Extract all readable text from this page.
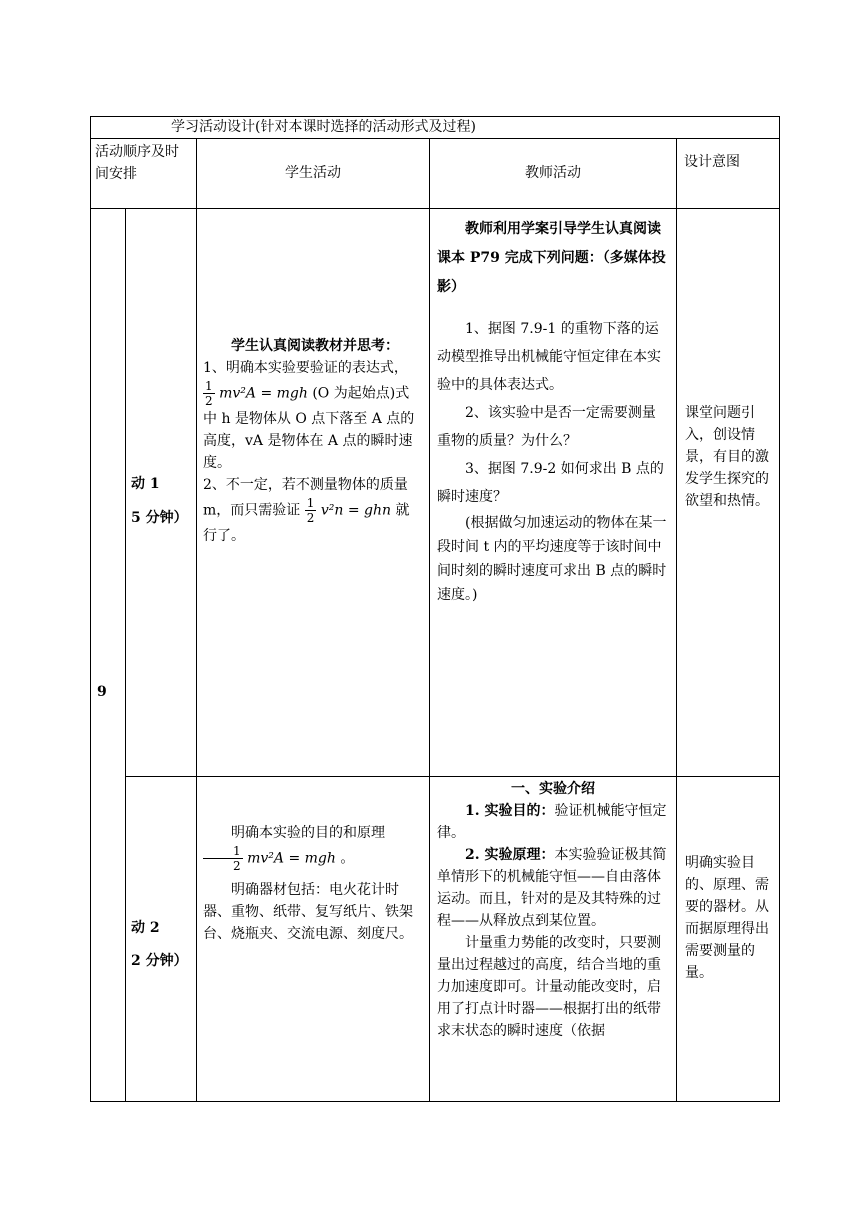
学习活动设计(针对本课时选择的活动形式及过程)
活动顺序及时间安排	学生活动	教师活动
设计意图
9
动 1
5 分钟）

学生认真阅读教材并思考：

1、明确本实验要验证的表达式，
$\frac{1}{2} mv^2A$ = mgh (O 为起始点)式中 h 是物体从 O 点下落至 A 点的高度，vA 是物体在 A 点的瞬时速度。

2、不一定，若不测量物体的质量 m，而只需验证 $\frac{1}{2} v^2n$ = ghn 就行了。

教师利用学案引导学生认真阅读课本 P79 完成下列问题：（多媒体投影）

1、据图 7.9-1 的重物下落的运动模型推导出机械能守恒定律在本实验中的具体表达式。

2、该实验中是否一定需要测量重物的质量？为什么？

3、据图 7.9-2 如何求出 B 点的瞬时速度？

(根据做匀加速运动的物体在某一段时间 t 内的平均速度等于该时间中间时刻的瞬时速度可求出 B 点的瞬时速度。)

课堂问题引入，创设情景，有目的激发学生探究的欲望和热情。
动 2
2 分钟）

明确本实验的目的和原理
$\frac{1}{2} mv^2A$ = mgh 。

明确器材包括：电火花计时器、重物、纸带、复写纸片、铁架台、烧瓶夹、交流电源、刻度尺。

一、实验介绍

1. 实验目的：验证机械能守恒定律。

2. 实验原理：本实验验证极其简单情形下的机械能守恒——自由落体运动。而且，针对的是及其特殊的过程——从释放点到某位置。

计量重力势能的改变时，只要测量出过程越过的高度，结合当地的重力加速度即可。计量动能改变时，启用了打点计时器——根据打出的纸带求末状态的瞬时速度（依据

明确实验目的、原理、需要的器材。从而据原理得出需要测量的量。
